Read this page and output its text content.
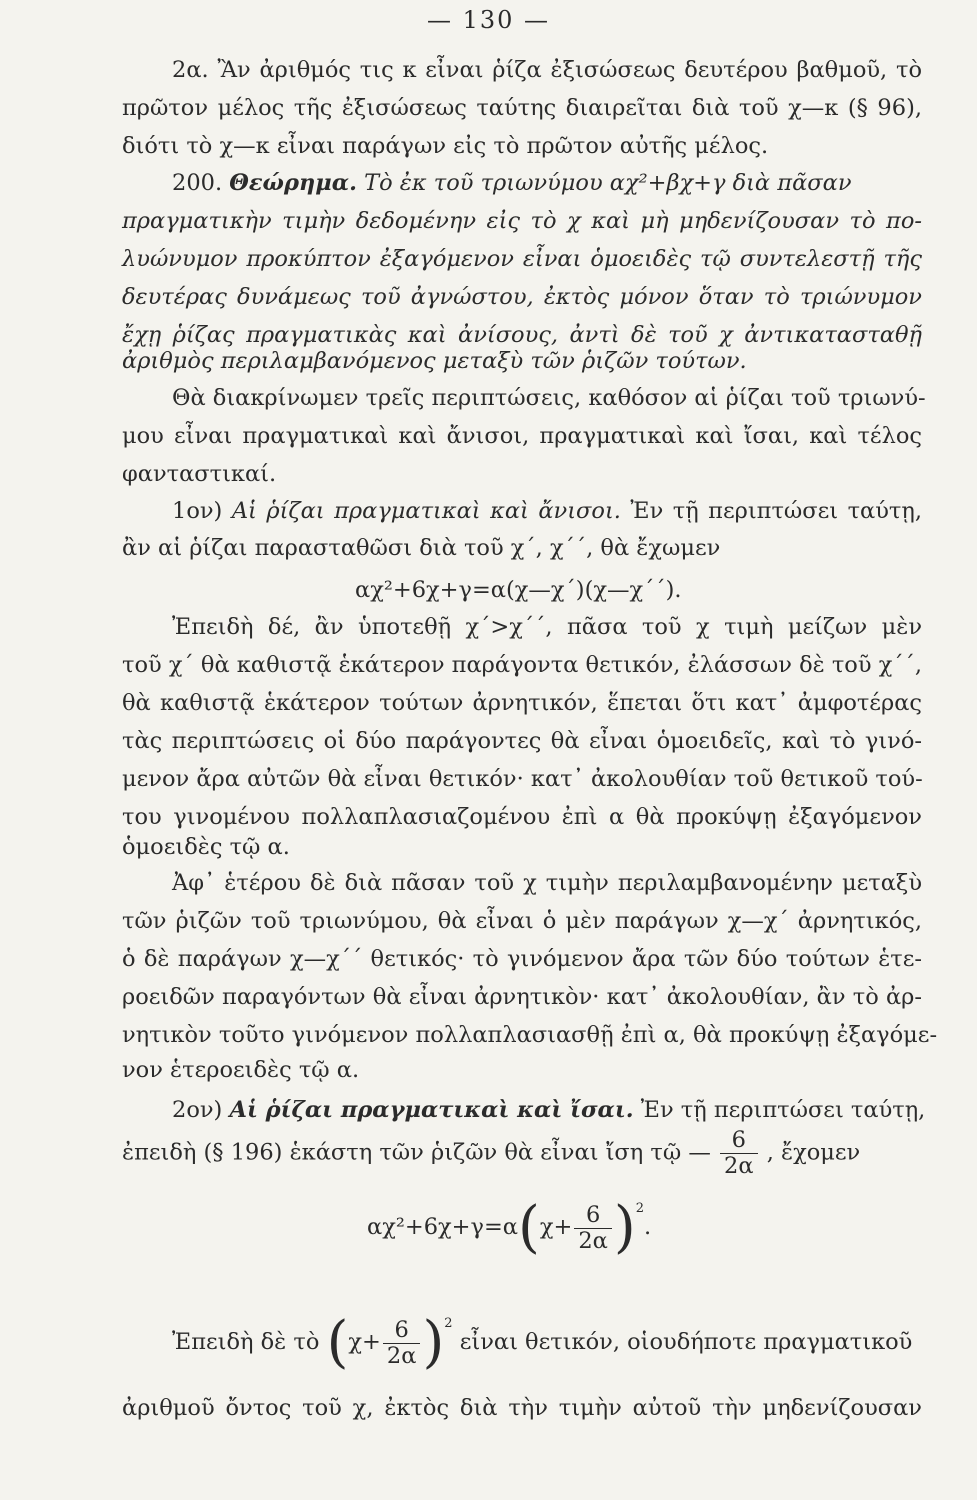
— 130 —
2α. Ἂν ἀριθμός τις κ εἶναι ῥίζα ἐξισώσεως δευτέρου βαθμοῦ, τὸ
πρῶτον μέλος τῆς ἐξισώσεως ταύτης διαιρεῖται διὰ τοῦ χ—κ (§ 96),
διότι τὸ χ—κ εἶναι παράγων εἰς τὸ πρῶτον αὐτῆς μέλος.
200. Θεώρημα. Τὸ ἐκ τοῦ τριωνύμου αχ²+βχ+γ διὰ πᾶσαν
πραγματικὴν τιμὴν δεδομένην εἰς τὸ χ καὶ μὴ μηδενίζουσαν τὸ πο-
λυώνυμον προκύπτον ἐξαγόμενον εἶναι ὁμοειδὲς τῷ συντελεστῇ τῆς
δευτέρας δυνάμεως τοῦ ἀγνώστου, ἐκτὸς μόνον ὅταν τὸ τριώνυμον
ἔχῃ ῥίζας πραγματικὰς καὶ ἀνίσους, ἀντὶ δὲ τοῦ χ ἀντικατασταθῇ
ἀριθμὸς περιλαμβανόμενος μεταξὺ τῶν ῥιζῶν τούτων.
Θὰ διακρίνωμεν τρεῖς περιπτώσεις, καθόσον αἱ ῥίζαι τοῦ τριωνύ-
μου εἶναι πραγματικαὶ καὶ ἄνισοι, πραγματικαὶ καὶ ἴσαι, καὶ τέλος
φανταστικαί.
1ον) Αἱ ῥίζαι πραγματικαὶ καὶ ἄνισοι. Ἐν τῇ περιπτώσει ταύτῃ,
ἂν αἱ ῥίζαι παρασταθῶσι διὰ τοῦ χ΄, χ΄΄, θὰ ἔχωμεν
αχ²+6χ+γ=α(χ—χ΄)(χ—χ΄΄).
Ἐπειδὴ δέ, ἂν ὑποτεθῇ χ΄>χ΄΄, πᾶσα τοῦ χ τιμὴ μείζων μὲν
τοῦ χ΄ θὰ καθιστᾷ ἑκάτερον παράγοντα θετικόν, ἐλάσσων δὲ τοῦ χ΄΄,
θὰ καθιστᾷ ἑκάτερον τούτων ἀρνητικόν, ἕπεται ὅτι κατ᾽ ἀμφοτέρας
τὰς περιπτώσεις οἱ δύο παράγοντες θὰ εἶναι ὁμοειδεῖς, καὶ τὸ γινό-
μενον ἄρα αὐτῶν θὰ εἶναι θετικόν· κατ᾽ ἀκολουθίαν τοῦ θετικοῦ τού-
του γινομένου πολλαπλασιαζομένου ἐπὶ α θὰ προκύψῃ ἐξαγόμενον
ὁμοειδὲς τῷ α.
Ἀφ᾽ ἑτέρου δὲ διὰ πᾶσαν τοῦ χ τιμὴν περιλαμβανομένην μεταξὺ
τῶν ῥιζῶν τοῦ τριωνύμου, θὰ εἶναι ὁ μὲν παράγων χ—χ΄ ἀρνητικός,
ὁ δὲ παράγων χ—χ΄΄ θετικός· τὸ γινόμενον ἄρα τῶν δύο τούτων ἑτε-
ροειδῶν παραγόντων θὰ εἶναι ἀρνητικὸν· κατ᾽ ἀκολουθίαν, ἂν τὸ ἀρ-
νητικὸν τοῦτο γινόμενον πολλαπλασιασθῇ ἐπὶ α, θὰ προκύψῃ ἐξαγόμε-
νον ἑτεροειδὲς τῷ α.
2ον) Αἱ ῥίζαι πραγματικαὶ καὶ ἴσαι. Ἐν τῇ περιπτώσει ταύτῃ,
ἐπειδὴ (§ 196) ἑκάστη τῶν ῥιζῶν θὰ εἶναι ἴση τῷ — $\frac{6}{2\alpha}$ , ἔχομεν
$\alpha\chi^2+6\chi+\gamma=\alpha(\chi+ \frac{6}{2\alpha} )^2$.
Ἐπειδὴ δὲ τὸ $(\chi+ \frac{6}{2\alpha} )^2$ εἶναι θετικόν, οἱουδήποτε πραγματικοῦ
ἀριθμοῦ ὄντος τοῦ χ, ἐκτὸς διὰ τὴν τιμὴν αὐτοῦ τὴν μηδενίζουσαν
